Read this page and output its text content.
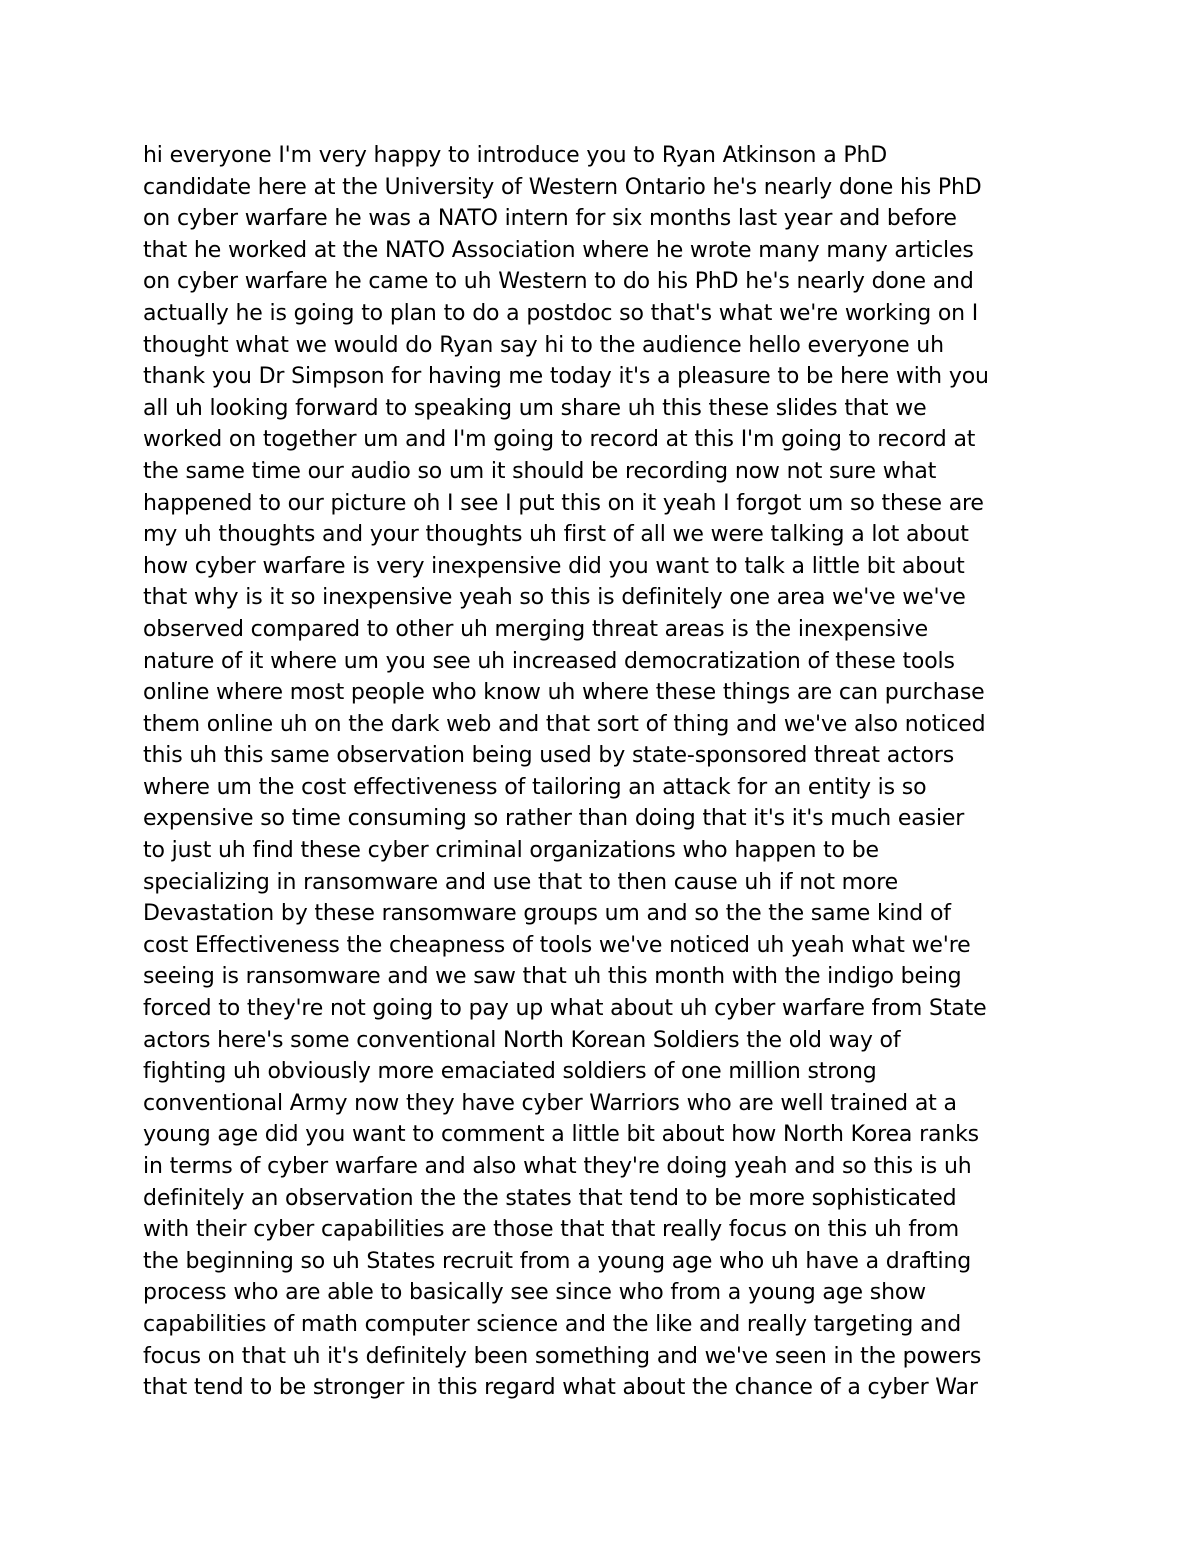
hi everyone I'm very happy to introduce you to Ryan Atkinson a PhD
candidate here at the University of Western Ontario he's nearly done his PhD
on cyber warfare he was a NATO intern for six months last year and before
that he worked at the NATO Association where he wrote many many articles
on cyber warfare he came to uh Western to do his PhD he's nearly done and
actually he is going to plan to do a postdoc so that's what we're working on I
thought what we would do Ryan say hi to the audience hello everyone uh
thank you Dr Simpson for having me today it's a pleasure to be here with you
all uh looking forward to speaking um share uh this these slides that we
worked on together um and I'm going to record at this I'm going to record at
the same time our audio so um it should be recording now not sure what
happened to our picture oh I see I put this on it yeah I forgot um so these are
my uh thoughts and your thoughts uh first of all we were talking a lot about
how cyber warfare is very inexpensive did you want to talk a little bit about
that why is it so inexpensive yeah so this is definitely one area we've we've
observed compared to other uh merging threat areas is the inexpensive
nature of it where um you see uh increased democratization of these tools
online where most people who know uh where these things are can purchase
them online uh on the dark web and that sort of thing and we've also noticed
this uh this same observation being used by state-sponsored threat actors
where um the cost effectiveness of tailoring an attack for an entity is so
expensive so time consuming so rather than doing that it's it's much easier
to just uh find these cyber criminal organizations who happen to be
specializing in ransomware and use that to then cause uh if not more
Devastation by these ransomware groups um and so the the same kind of
cost Effectiveness the cheapness of tools we've noticed uh yeah what we're
seeing is ransomware and we saw that uh this month with the indigo being
forced to they're not going to pay up what about uh cyber warfare from State
actors here's some conventional North Korean Soldiers the old way of
fighting uh obviously more emaciated soldiers of one million strong
conventional Army now they have cyber Warriors who are well trained at a
young age did you want to comment a little bit about how North Korea ranks
in terms of cyber warfare and also what they're doing yeah and so this is uh
definitely an observation the the states that tend to be more sophisticated
with their cyber capabilities are those that that really focus on this uh from
the beginning so uh States recruit from a young age who uh have a drafting
process who are able to basically see since who from a young age show
capabilities of math computer science and the like and really targeting and
focus on that uh it's definitely been something and we've seen in the powers
that tend to be stronger in this regard what about the chance of a cyber War
